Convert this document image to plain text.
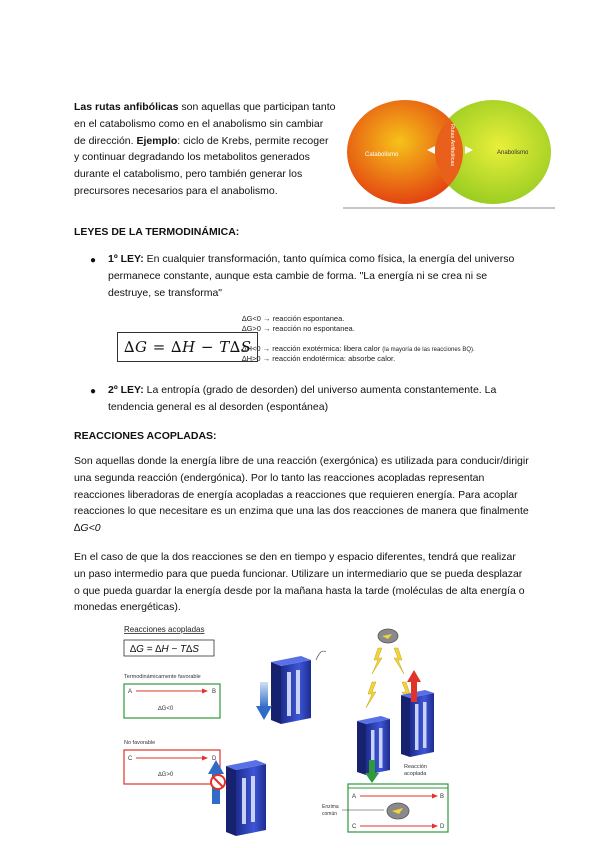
Las rutas anfibólicas son aquellas que participan tanto en el catabolismo como en el anabolismo sin cambiar de dirección. Ejemplo: ciclo de Krebs, permite recoger y continuar degradando los metabolitos generados durante el catabolismo, pero también generar los precursores necesarios para el anabolismo.

Catabolismo	Anabolismo
Rutas Anfibólicas
LEYES DE LA TERMODINÁMICA:
● 1º LEY: En cualquier transformación, tanto química como física, la energía del universo permanece constante, aunque esta cambie de forma. "La energía ni se crea ni se destruye, se transforma"

∆G = ∆H − T∆S
∆G<0 → reacción espontanea.
∆G>0 → reacción no espontanea.
∆H<0 → reacción exotérmica: libera calor (la mayoría de las reacciones BQ).
∆H>0 → reacción endotérmica: absorbe calor.
● 2º LEY: La entropía (grado de desorden) del universo aumenta constantemente. La tendencia general es al desorden (espontánea)

REACCIONES ACOPLADAS:

Son aquellas donde la energía libre de una reacción (exergónica) es utilizada para conducir/dirigir una segunda reacción (endergónica). Por lo tanto las reacciones acopladas representan reacciones liberadoras de energía acopladas a reacciones que requieren energía. Para acoplar reacciones lo que necesitare es un enzima que una las dos reacciones de manera que finalmente ∆G<0

En el caso de que la dos reacciones se den en tiempo y espacio diferentes, tendrá que realizar un paso intermedio para que pueda funcionar. Utilizare un intermediario que se pueda desplazar o que pueda guardar la energía desde por la mañana hasta la tarde (moléculas de alta energía o monedas energéticas).

Reacciones acopladas
∆G = ∆H − T∆S
Termodinámicamente favorable
A	B
∆G<0
No favorable
C	D
∆G>0
Reacción
acoplada
A	B
C	D
Enzima
común
